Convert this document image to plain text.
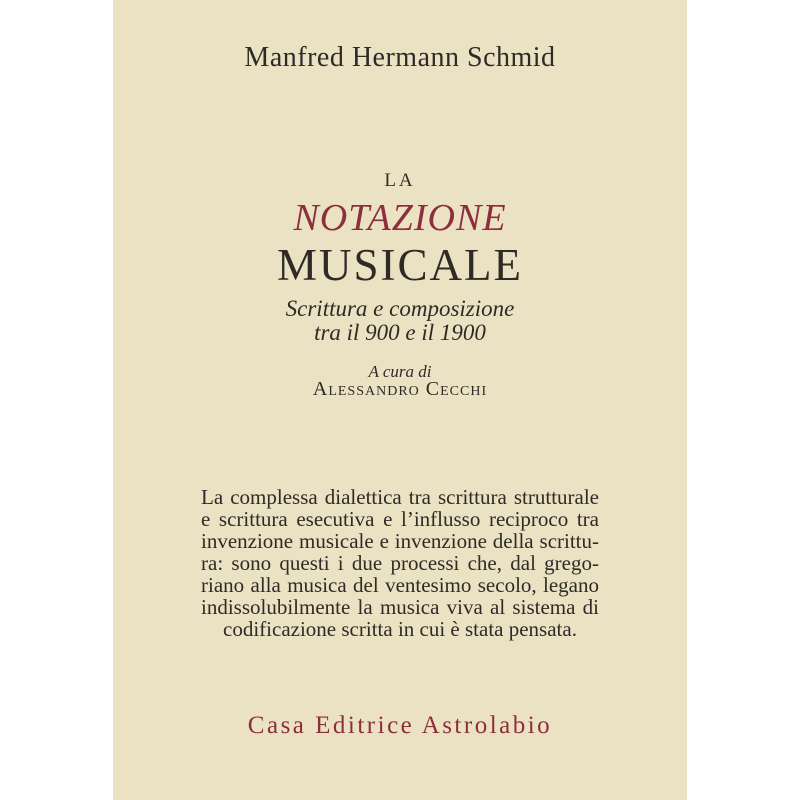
Manfred Hermann Schmid
LA
NOTAZIONE
MUSICALE
Scrittura e composizione
tra il 900 e il 1900
A cura di
Alessandro Cecchi
La complessa dialettica tra scrittura strutturale
e scrittura esecutiva e l’influsso reciproco tra
invenzione musicale e invenzione della scrittu-
ra: sono questi i due processi che, dal grego-
riano alla musica del ventesimo secolo, legano
indissolubilmente la musica viva al sistema di
codificazione scritta in cui è stata pensata.
Casa Editrice Astrolabio
